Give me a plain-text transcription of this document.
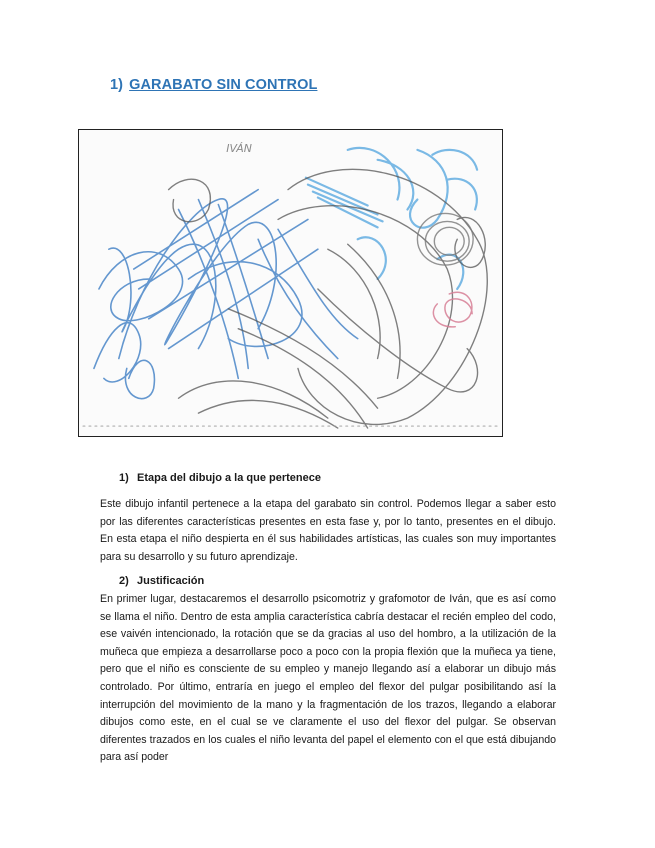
1) GARABATO SIN CONTROL
IVÁN
1) Etapa del dibujo a la que pertenece

Este dibujo infantil pertenece a la etapa del garabato sin control. Podemos llegar a saber esto por las diferentes características presentes en esta fase y, por lo tanto, presentes en el dibujo. En esta etapa el niño despierta en él sus habilidades artísticas, las cuales son muy importantes para su desarrollo y su futuro aprendizaje.

2) Justificación

En primer lugar, destacaremos el desarrollo psicomotriz y grafomotor de Iván, que es así como se llama el niño. Dentro de esta amplia característica cabría destacar el recién empleo del codo, ese vaivén intencionado, la rotación que se da gracias al uso del hombro, a la utilización de la muñeca que empieza a desarrollarse poco a poco con la propia flexión que la muñeca ya tiene, pero que el niño es consciente de su empleo y manejo llegando así a elaborar un dibujo más controlado. Por último, entraría en juego el empleo del flexor del pulgar posibilitando así la interrupción del movimiento de la mano y la fragmentación de los trazos, llegando a elaborar dibujos como este, en el cual se ve claramente el uso del flexor del pulgar. Se observan diferentes trazados en los cuales el niño levanta del papel el elemento con el que está dibujando para así poder
